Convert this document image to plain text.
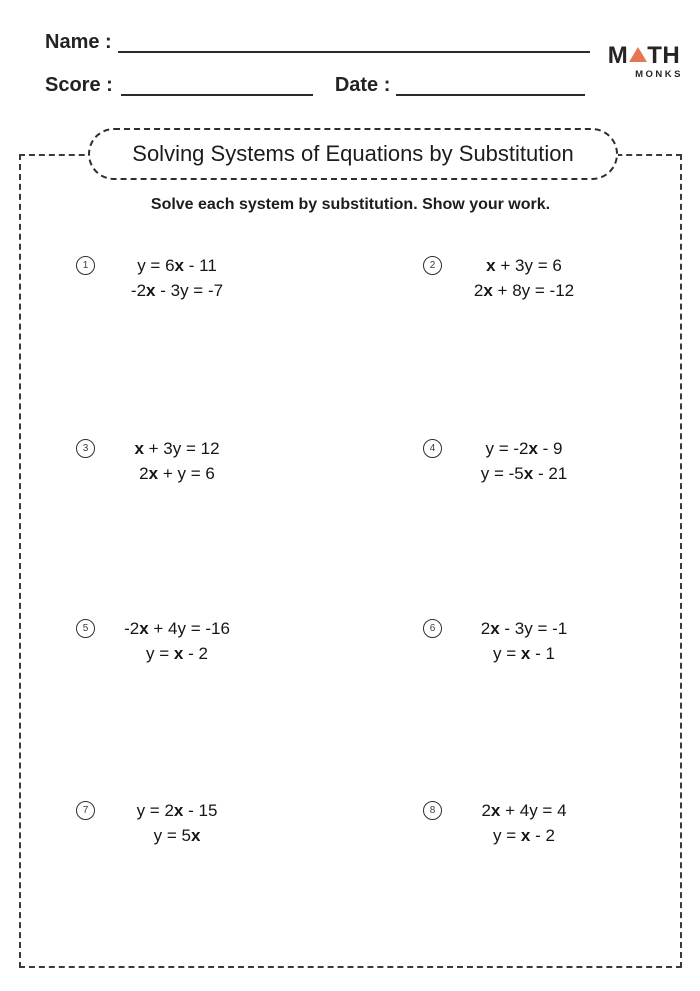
Name :
Score :	Date :
M TH
MONKS
Solving Systems of Equations by Substitution
Solve each system by substitution. Show your work.
1	y = 6x - 11
-2x - 3y = -7
2	x + 3y = 6
2x + 8y = -12
3	x + 3y = 12
2x + y = 6
4	y = -2x - 9
y = -5x - 21
5	-2x + 4y = -16
y = x - 2
6	2x - 3y = -1
y = x - 1
7	y = 2x - 15
y = 5x
8	2x + 4y = 4
y = x - 2
